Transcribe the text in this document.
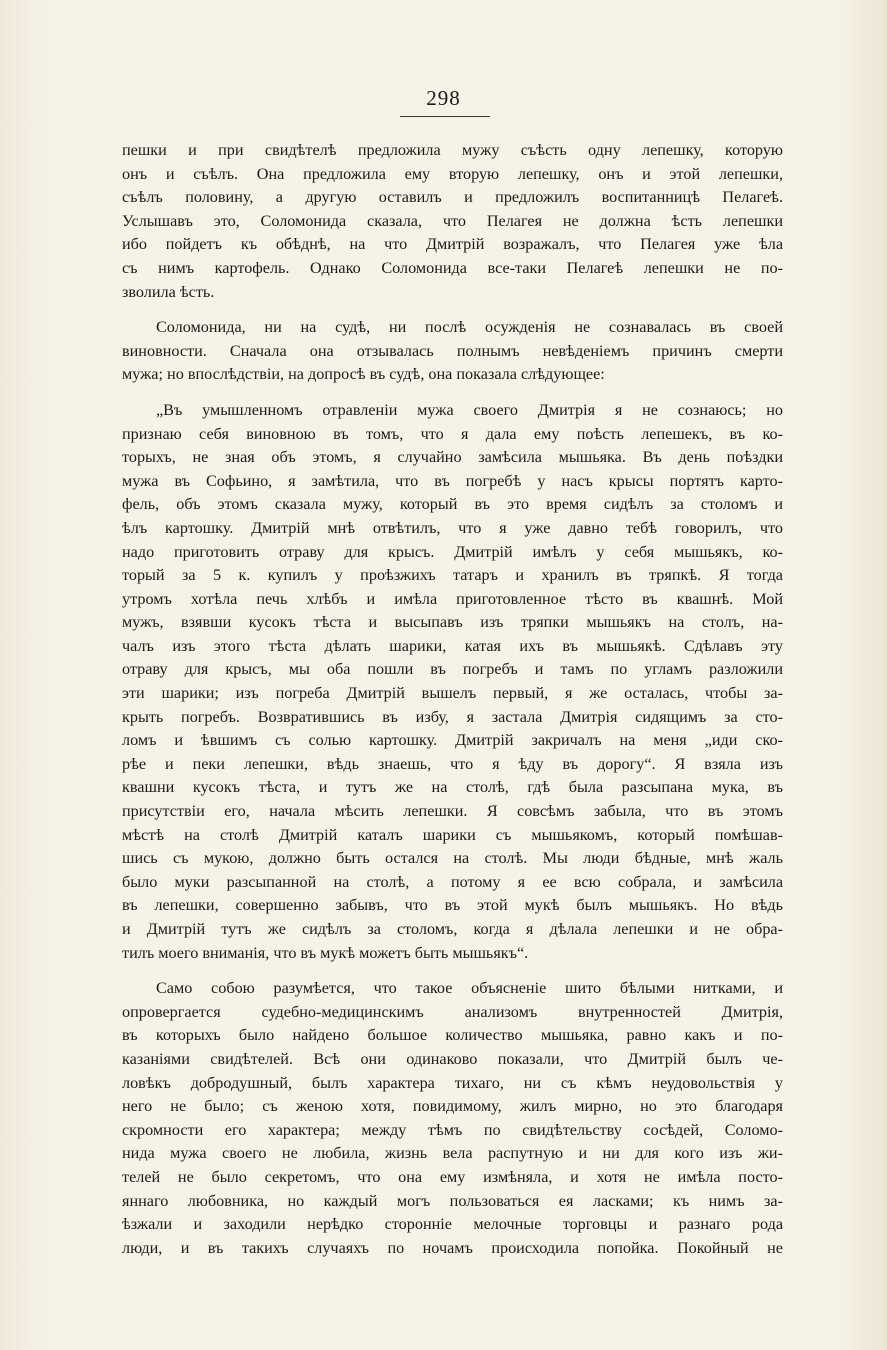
298

пешки и при свидѣтелѣ предложила мужу съѣсть одну лепешку, которую
онъ и съѣлъ. Она предложила ему вторую лепешку, онъ и этой лепешки,
съѣлъ половину, а другую оставилъ и предложилъ воспитанницѣ Пелагеѣ.
Услышавъ это, Соломонида сказала, что Пелагея не должна ѣсть лепешки
ибо пойдетъ къ обѣднѣ, на что Дмитрій возражалъ, что Пелагея уже ѣла
съ нимъ картофель. Однако Соломонида все-таки Пелагеѣ лепешки не по-
зволила ѣсть.

Соломонида, ни на судѣ, ни послѣ осужденія не сознавалась въ своей
виновности. Сначала она отзывалась полнымъ невѣденіемъ причинъ смерти
мужа; но впослѣдствіи, на допросѣ въ судѣ, она показала слѣдующее:

„Въ умышленномъ отравленіи мужа своего Дмитрія я не сознаюсь; но
признаю себя виновною въ томъ, что я дала ему поѣсть лепешекъ, въ ко-
торыхъ, не зная объ этомъ, я случайно замѣсила мышьяка. Въ день поѣздки
мужа въ Софьино, я замѣтила, что въ погребѣ у насъ крысы портятъ карто-
фель, объ этомъ сказала мужу, который въ это время сидѣлъ за столомъ и
ѣлъ картошку. Дмитрій мнѣ отвѣтилъ, что я уже давно тебѣ говорилъ, что
надо приготовить отраву для крысъ. Дмитрій имѣлъ у себя мышьякъ, ко-
торый за 5 к. купилъ у проѣзжихъ татаръ и хранилъ въ тряпкѣ. Я тогда
утромъ хотѣла печь хлѣбъ и имѣла приготовленное тѣсто въ квашнѣ. Мой
мужъ, взявши кусокъ тѣста и высыпавъ изъ тряпки мышьякъ на столъ, на-
чалъ изъ этого тѣста дѣлать шарики, катая ихъ въ мышьякѣ. Сдѣлавъ эту
отраву для крысъ, мы оба пошли въ погребъ и тамъ по угламъ разложили
эти шарики; изъ погреба Дмитрій вышелъ первый, я же осталась, чтобы за-
крыть погребъ. Возвратившись въ избу, я застала Дмитрія сидящимъ за сто-
ломъ и ѣвшимъ съ солью картошку. Дмитрій закричалъ на меня „иди ско-
рѣе и пеки лепешки, вѣдь знаешь, что я ѣду въ дорогу“. Я взяла изъ
квашни кусокъ тѣста, и тутъ же на столѣ, гдѣ была разсыпана мука, въ
присутствіи его, начала мѣсить лепешки. Я совсѣмъ забыла, что въ этомъ
мѣстѣ на столѣ Дмитрій каталъ шарики съ мышьякомъ, который помѣшав-
шись съ мукою, должно быть остался на столѣ. Мы люди бѣдные, мнѣ жаль
было муки разсыпанной на столѣ, а потому я ее всю собрала, и замѣсила
въ лепешки, совершенно забывъ, что въ этой мукѣ былъ мышьякъ. Но вѣдь
и Дмитрій тутъ же сидѣлъ за столомъ, когда я дѣлала лепешки и не обра-
тилъ моего вниманія, что въ мукѣ можетъ быть мышьякъ“.

Само собою разумѣется, что такое объясненіе шито бѣлыми нитками, и
опровергается судебно-медицинскимъ анализомъ внутренностей Дмитрія,
въ которыхъ было найдено большое количество мышьяка, равно какъ и по-
казаніями свидѣтелей. Всѣ они одинаково показали, что Дмитрій былъ че-
ловѣкъ добродушный, былъ характера тихаго, ни съ кѣмъ неудовольствія у
него не было; съ женою хотя, повидимому, жилъ мирно, но это благодаря
скромности его характера; между тѣмъ по свидѣтельству сосѣдей, Соломо-
нида мужа своего не любила, жизнь вела распутную и ни для кого изъ жи-
телей не было секретомъ, что она ему измѣняла, и хотя не имѣла посто-
яннаго любовника, но каждый могъ пользоваться ея ласками; къ нимъ за-
ѣзжали и заходили нерѣдко сторонніе мелочные торговцы и разнаго рода
люди, и въ такихъ случаяхъ по ночамъ происходила попойка. Покойный не
